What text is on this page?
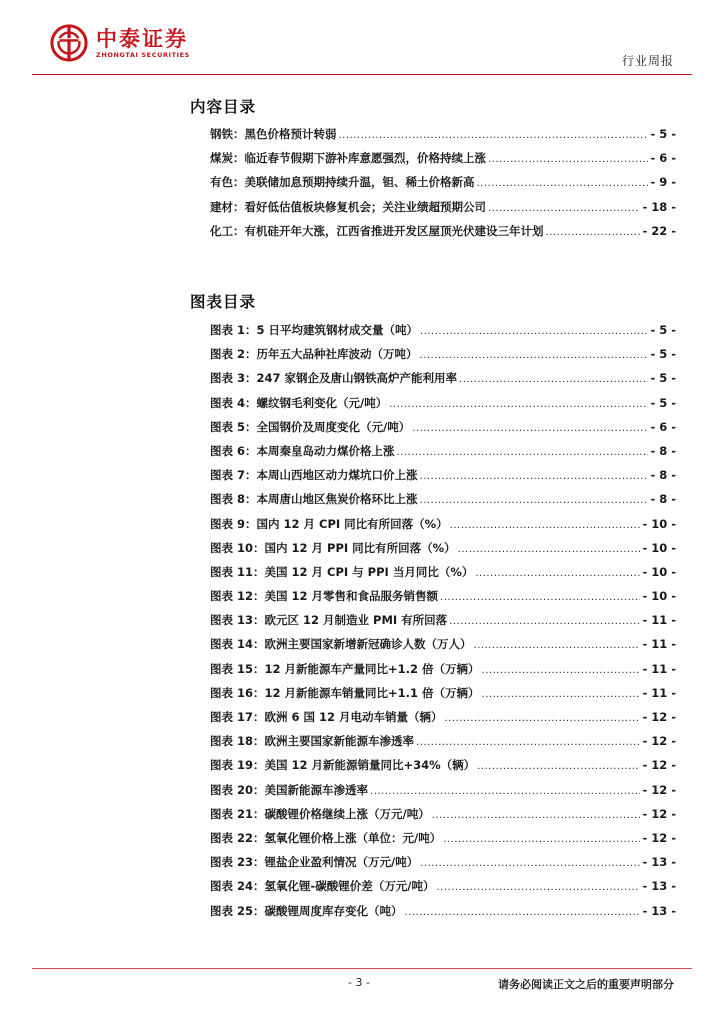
中泰证券
ZHONGTAI SECURITIES	行业周报
内容目录
钢铁：黑色价格预计转弱 .....	- 5 -
煤炭：临近春节假期下游补库意愿强烈，价格持续上涨 .....	- 6 -
有色：美联储加息预期持续升温，钽、稀土价格新高 .....	- 9 -
建材：看好低估值板块修复机会；关注业绩超预期公司 .....	- 18 -
化工：有机硅开年大涨，江西省推进开发区屋顶光伏建设三年计划 .....	- 22 -
图表目录
图表 1：5 日平均建筑钢材成交量（吨） .....	- 5 -
图表 2：历年五大品种社库波动（万吨） .....	- 5 -
图表 3：247 家钢企及唐山钢铁高炉产能利用率 .....	- 5 -
图表 4：螺纹钢毛利变化（元/吨） .....	- 5 -
图表 5：全国钢价及周度变化（元/吨） .....	- 6 -
图表 6：本周秦皇岛动力煤价格上涨 .....	- 8 -
图表 7：本周山西地区动力煤坑口价上涨 .....	- 8 -
图表 8：本周唐山地区焦炭价格环比上涨 .....	- 8 -
图表 9：国内 12 月 CPI 同比有所回落（%） .....	- 10 -
图表 10：国内 12 月 PPI 同比有所回落（%） .....	- 10 -
图表 11：美国 12 月 CPI 与 PPI 当月同比（%） .....	- 10 -
图表 12：美国 12 月零售和食品服务销售额 .....	- 10 -
图表 13：欧元区 12 月制造业 PMI 有所回落 .....	- 11 -
图表 14：欧洲主要国家新增新冠确诊人数（万人） .....	- 11 -
图表 15：12 月新能源车产量同比+1.2 倍（万辆） .....	- 11 -
图表 16：12 月新能源车销量同比+1.1 倍（万辆） .....	- 11 -
图表 17：欧洲 6 国 12 月电动车销量（辆） .....	- 12 -
图表 18：欧洲主要国家新能源车渗透率 .....	- 12 -
图表 19：美国 12 月新能源销量同比+34%（辆） .....	- 12 -
图表 20：美国新能源车渗透率 .....	- 12 -
图表 21：碳酸锂价格继续上涨（万元/吨） .....	- 12 -
图表 22：氢氧化锂价格上涨（单位：元/吨） .....	- 12 -
图表 23：锂盐企业盈利情况（万元/吨） .....	- 13 -
图表 24：氢氧化锂-碳酸锂价差（万元/吨） .....	- 13 -
图表 25：碳酸锂周度库存变化（吨） .....	- 13 -
- 3 -	请务必阅读正文之后的重要声明部分
